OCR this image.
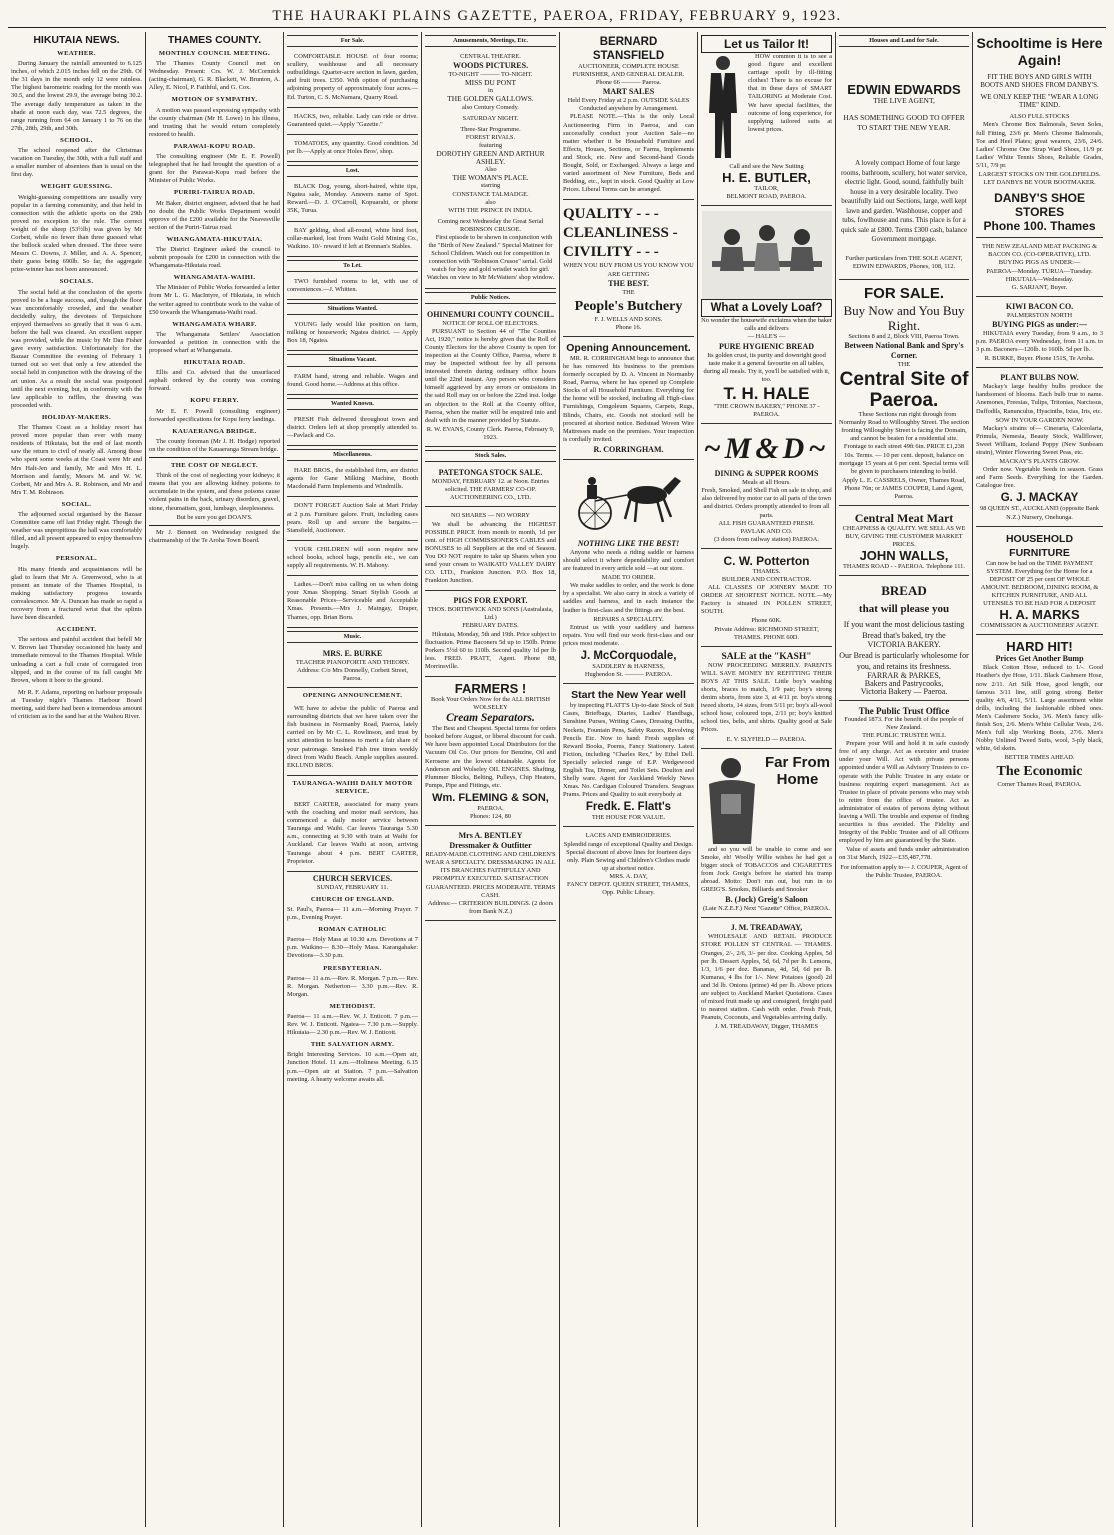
THE HAURAKI PLAINS GAZETTE, PAEROA, FRIDAY, FEBRUARY 9, 1923.
HIKUTAIA NEWS.
WEATHER.

During January the rainfall amounted to 6.125 inches, of which 2.015 inches fell on the 29th. Of the 31 days in the month only 12 were rainless. The highest barometric reading for the month was 30.5, and the lowest 29.9, the average being 30.2. The average daily temperature as taken in the shade at noon each day, was 72.5 degrees, the range running from 64 on January 1 to 76 on the 27th, 28th, 29th, and 30th.

SCHOOL.

The school reopened after the Christmas vacation on Tuesday, the 30th, with a full staff and a smaller number of absentees than is usual on the first day.

WEIGHT GUESSING.

Weight-guessing competitions are usually very popular in a farming community, and that held in connection with the athletic sports on the 29th proved no exception to the rule. The correct weight of the sheep (53½lb) was given by Mr Corbett, while no fewer than three guessed what the bullock scaled when dressed. The three were Messrs C. Downs, J. Miller, and A. A. Spencer, their guess being 690lb. So far, the aggregate prize-winner has not been announced.

SOCIALS.

The social held at the conclusion of the sports proved to be a huge success, and, though the floor was uncomfortably crowded, and the weather decidedly sultry, the devotees of Terpsichore enjoyed themselves so greatly that it was 6 a.m. before the hall was cleared. An excellent supper was provided, while the music by Mr Dan Fisher gave every satisfaction. Unfortunately for the Bazaar Committee the evening of February 1 turned out so wet that only a few attended the social held in conjunction with the drawing of the art union. As a result the social was postponed until the next evening, but, in conformity with the law applicable to raffles, the drawing was proceeded with.

HOLIDAY-MAKERS.

The Thames Coast as a holiday resort has proved more popular than ever with many residents of Hikutaia, but the end of last month saw the return to civil of nearly all. Among those who spent some weeks at the Coast were Mr and Mrs Halt-Jen and family, Mr and Mrs H. L. Morrison and family, Messrs M. and W. W. Corbett, Mr and Mrs A. R. Robinson, and Mr and Mrs T. M. Robinson.

SOCIAL.

The adjourned social organised by the Bazaar Committee came off last Friday night. Though the weather was unpropitious the hall was comfortably filled, and all present appeared to enjoy themselves hugely.

PERSONAL.

His many friends and acquaintances will be glad to learn that Mr A. Greenwood, who is at present an inmate of the Thames Hospital, is making satisfactory progress towards convalescence. Mr A. Duncan has made so rapid a recovery from a fractured wrist that the splints have been discarded.

ACCIDENT.

The serious and painful accident that befell Mr V. Brown last Thursday occasioned his hasty and immediate removal to the Thames Hospital. While unloading a cart a full crate of corrugated iron slipped, and in the course of its fall caught Mr Brown, whom it bore to the ground.

Mr R. F. Adams, reporting on harbour proposals at Tuesday night's Thames Harbour Board meeting, said there had been a tremendous amount of criticism as to the sand bar at the Waihou River.

THAMES COUNTY.
MONTHLY COUNCIL MEETING.

The Thames County Council met on Wednesday. Present: Crs. W. J. McCormick (acting-chairman), G. R. Blackett, W. Brunton, A. Alley, E. Nicol, P. Faithful, and G. Cox.

MOTION OF SYMPATHY.

A motion was passed expressing sympathy with the county chairman (Mr H. Lowe) in his illness, and trusting that he would return completely restored to health.

PARAWAI-KOPU ROAD.

The consulting engineer (Mr E. F. Powell) telegraphed that he had brought the question of a grant for the Parawai-Kopu road before the Minister of Public Works.

PURIRI-TAIRUA ROAD.

Mr Baker, district engineer, advised that he had no doubt the Public Works Department would approve of the £200 available for the Neavesville section of the Puriri-Tairua road.

WHANGAMATA-HIKUTAIA.

The District Engineer asked the council to submit proposals for £200 in connection with the Whangamata-Hikutaia road.

WHANGAMATA-WAIHI.

The Minister of Public Works forwarded a letter from Mr L. G. MacIntyre, of Hikutaia, in which the writer agreed to contribute work to the value of £50 towards the Whangamata-Waihi road.

WHANGAMATA WHARF.

The Whangamata Settlers' Association forwarded a petition in connection with the proposed wharf at Whangamata.

HIKUTAIA ROAD.

Ellis and Co. advised that the unsurfaced asphalt ordered by the county was coming forward.

KOPU FERRY.

Mr E. F. Powell (consulting engineer) forwarded specifications for Kopu ferry landings.

KAUAERANGA BRIDGE.

The county foreman (Mr J. H. Hodge) reported on the condition of the Kauaeranga Stream bridge.

THE COST OF NEGLECT.

Think of the cost of neglecting your kidneys; it means that you are allowing kidney poisons to accumulate in the system, and these poisons cause violent pains in the back, urinary disorders, gravel, stone, rheumatism, gout, lumbago, sleeplessness.

But be sure you get DOAN'S.

Mr J. Bennett on Wednesday resigned the chairmanship of the Te Aroha Town Board.

For Sale.

COMFORTABLE HOUSE of four rooms; scullery, washhouse and all necessary outbuildings. Quarter-acre section in lawn, garden, and fruit trees. £350. With option of purchasing adjoining property of approximately four acres.—Ed. Turton, C. S. McNamara, Quarry Road.

HACKS, two, reliable. Lady can ride or drive. Guaranteed quiet.—Apply "Gazette."

TOMATOES, any quantity. Good condition. 3d per lb.—Apply at once Holes Bros', shop.

Lost.

BLACK Dog, young, short-haired, white tips, Ngatea sale, Monday. Answers name of Spot. Reward.—D. J. O'Carroll, Kopuarahi, or phone 35K, Turua.

BAY gelding, shod all-round, white hind foot, collar-marked, lost from Waihi Gold Mining Co., Waikino. 10/- reward if left at Brennan's Stables.

To Let.

TWO furnished rooms to let, with use of conveniences.—J. Whitten.

Situations Wanted.

YOUNG lady would like position on farm, milking or housework; Ngatea district. — Apply Box 18, Ngatea.

Situations Vacant.

FARM hand, strong and reliable. Wages and found. Good home.—Address at this office.

Wanted Known.

FRESH Fish delivered throughout town and district. Orders left at shop promptly attended to.—Pavlack and Co.

Miscellaneous.

HARE BROS., the established firm, are district agents for Gane Milking Machine, Booth Macdonald Farm Implements and Windmills.

DON'T FORGET Auction Sale at Mart Friday at 2 p.m. Furniture galore. Fruit, including cases pears. Roll up and secure the bargains.—Stansfield, Auctioneer.

YOUR CHILDREN will soon require new school books, school bags, pencils etc., we can supply all requirements. W. H. Mahony.

Ladies.—Don't miss calling on us when doing your Xmas Shopping. Smart Stylish Goods at Reasonable Prices—Serviceable and Acceptable Xmas. Presents.—Mrs J. Maingay, Draper, Thames, opp. Brian Boru.

Music.
MRS. E. BURKE
TEACHER PIANOFORTE AND THEORY.
Address: C/o Mrs Donnelly, Corbett Street, Paeroa.
OPENING ANNOUNCEMENT.

WE have to advise the public of Paeroa and surrounding districts that we have taken over the fish business in Normanby Road, Paeroa, lately carried on by Mr C. L. Rowlinson, and trust by strict attention to business to merit a fair share of your patronage. Smoked Fish tree times weekly direct from Waihi Beach. Ample supplies assured. EKLUND BROS.

TAURANGA-WAIHI DAILY MOTOR SERVICE.

BERT CARTER, associated for many years with the coaching and motor mail services, has commenced a daily motor service between Tauranga and Waihi. Car leaves Tauranga 5.30 a.m., connecting at 9.30 with train at Waihi for Auckland. Car leaves Waihi at noon, arriving Tauranga about 4 p.m. BERT CARTER, Proprietor.

CHURCH SERVICES.
SUNDAY, FEBRUARY 11.
CHURCH OF ENGLAND.
St. Paul's, Paeroa— 11 a.m.—Morning Prayer. 7 p.m., Evening Prayer.
ROMAN CATHOLIC
Paeroa— Holy Mass at 10.30 a.m. Devotions at 7 p.m. Waikino— 8.30—Holy Mass. Karangahake: Devotions—3.30 p.m.
PRESBYTERIAN.
Paeroa— 11 a.m.—Rev. R. Morgan. 7 p.m.— Rev. R. Morgan. Netherton— 3.30 p.m.—Rev. R. Morgan.
METHODIST.
Paeroa— 11 a.m.—Rev. W. J. Enticott. 7 p.m.—Rev. W. J. Enticott. Ngatea— 7.30 p.m.—Supply. Hikutaia— 2.30 p.m.—Rev. W. J. Enticott.
THE SALVATION ARMY.
Bright Interesting Services. 10 a.m.—Open air, Junction Hotel. 11 a.m.—Holiness Meeting. 6.15 p.m.—Open air at Station. 7 p.m.—Salvation meeting. A hearty welcome awaits all.
Amusements, Meetings, Etc.
CENTRAL THEATRE.
WOODS PICTURES.
TO-NIGHT ——— TO-NIGHT.
MISS DU PONT
in
THE GOLDEN GALLOWS.
also Century Comedy.
SATURDAY NIGHT.
Three-Star Programme.
FOREST RIVALS.
featuring
DOROTHY GREEN AND ARTHUR ASHLEY.
Also
THE WOMAN'S PLACE.
starring
CONSTANCE TALMADGE.
also
WITH THE PRINCE IN INDIA.
Coming next Wednesday the Great Serial
ROBINSON CRUSOE.

First episode to be shown in conjunction with the "Birth of New Zealand." Special Matinee for School Children. Watch out for competition in connection with "Robinson Crusoe" serial. Gold watch for boy and gold wristlet watch for girl. Watches on view in Mr McWatters' shop window.

Public Notices.
OHINEMURI COUNTY COUNCIL.
NOTICE OF ROLL OF ELECTORS.

PURSUANT to Section 44 of "The Counties Act, 1920," notice is hereby given that the Roll of County Electors for the above County is open for inspection at the County Office, Paeroa, where it may be inspected without fee by all persons interested therein during ordinary office hours until the 22nd instant. Any person who considers himself aggrieved by any errors or omissions in the said Roll may on or before the 22nd inst. lodge an objection to the Roll at the County office, Paeroa, when the matter will be enquired into and dealt with in the manner provided by Statute.

R. W. EVANS, County Clerk. Paeroa, February 9, 1923.
Stock Sales.
PATETONGA STOCK SALE.
MONDAY, FEBRUARY 12. at Noon. Entries solicited. THE FARMERS' CO-OP. AUCTIONEERING CO., LTD.
NO SHARES — NO WORRY

We shall be advancing the HIGHEST POSSIBLE PRICE from month to month, 1d per cent. of HIGH COMMISSIONER'S CABLES and BONUSES to all Suppliers at the end of Season. You DO NOT require to take up Shares when you send your cream to WAIKATO VALLEY DAIRY CO. LTD., Frankton Junction. P.O. Box 18, Frankton Junction.

PIGS FOR EXPORT.
THOS. BORTHWICK AND SONS (Australasia, Ltd.)
FEBRUARY DATES.

Hikutaia, Monday, 5th and 19th. Price subject to fluctuation. Prime Baconers 5d up to 150lb. Prime Porkers 5½d 60 to 110lb. Second quality 1d per lb less. FRED. PRATT, Agent. Phone 88, Morrinsville.

FARMERS !
Book Your Orders Now for the ALL BRITISH WOLSELEY
Cream Separators.

The Best and Cheapest. Special terms for orders booked before August, or liberal discount for cash. We have been appointed Local Distributors for the Vacuum Oil Co. Our prices for Benzine, Oil and Kerosene are the lowest obtainable. Agents for Anderson and Wolseley OIL ENGINES. Shafting, Plummer Blocks, Belting, Pulleys, Chip Heaters, Pumps, Pipe and Fittings, etc.

Wm. FLEMING & SON,
PAEROA.
Phones: 124, 80
Mrs A. BENTLEY
Dressmaker & Outfitter
READY-MADE CLOTHING AND CHILDREN'S WEAR A SPECIALTY. DRESSMAKING IN ALL ITS BRANCHES FAITHFULLY AND PROMPTLY EXECUTED. SATISFACTION GUARANTEED. PRICES MODERATE. TERMS CASH.
Address:— CRITERION BUILDINGS. (2 doors from Bank N.Z.)
BERNARD STANSFIELD
AUCTIONEER, COMPLETE HOUSE FURNISHER, AND GENERAL DEALER.
Phone 66 ——— Paeroa.
MART SALES
Held Every Friday at 2 p.m. OUTSIDE SALES Conducted anywhere by Arrangement.

PLEASE NOTE.—This is the only Local Auctioneering Firm in Paeroa, and can successfully conduct your Auction Sale—no matter whether it be Household Furniture and Effects, Houses, Sections, or Farms, Implements and Stock, etc. New and Second-hand Goods Bought, Sold, or Exchanged. Always a large and varied assortment of New Furniture, Beds and Bedding, etc., kept in stock. Good Quality at Low Prices. Liberal Terms can be arranged.

QUALITY - - -
CLEANLINESS -
CIVILITY - - -
WHEN YOU BUY FROM US YOU KNOW YOU ARE GETTING
THE BEST.
THE
People's Butchery
F. J. WELLS AND SONS.
Phone 16.
Opening Announcement.

MR. R. CORRINGHAM begs to announce that he has removed his business to the premises formerly occupied by D. A. Vincent in Normanby Road, Paeroa, where he has opened up Complete Stocks of all Household Furniture. Everything for the home will be stocked, including all High-class Furnishings, Congoleum Squares, Carpets, Rugs, Blinds, Chairs, etc. Goods not stocked will be procured at shortest notice. Bedstead Woven Wire Mattresses made on the premises. Your inspection is cordially invited.

R. CORRINGHAM.
NOTHING LIKE THE BEST!

Anyone who needs a riding saddle or harness should select it where dependability and comfort are featured in every article sold —at our store.

MADE TO ORDER.

We make saddles to order, and the work is done by a specialist. We also carry in stock a variety of saddles and harness, and in each instance the leather is first-class and the fittings are the best.

REPAIRS A SPECIALITY.

Entrust us with your saddlery and harness repairs. You will find our work first-class and our prices most moderate.

J. McCorquodale,
SADDLERY & HARNESS,
Hughendon St. ——— PAEROA.
Start the New Year well

by inspecting FLATT'S Up-to-date Stock of Suit Cases, Briefbags, Diaries, Ladies' Handbags, Sunshine Purses, Writing Cases, Dressing Outfits, Neckets, Fountain Pens, Safety Razors, Revolving Pencils Etc. Now to hand: Fresh supplies of Reward Books, Poems, Fancy Stationery. Latest Fiction, including "Charles Rex," by Ethel Dell. Specially selected range of E.P. Wedgewood English Tea, Dinner, and Toilet Sets. Doulton and Shelly ware. Agent for Auckland Weekly News Xmas. No. Cardigan Coloured Transfers. Seagrass Prams. Prices and Quality to suit everybody at

Fredk. E. Flatt's
THE HOUSE FOR VALUE.
LACES AND EMBROIDERIES.
Splendid range of exceptional Quality and Design. Special discount of above lines for fourteen days only. Plain Sewing and Children's Clothes made up at shortest notice.
MRS. A. DAY,
FANCY DEPOT. QUEEN STREET, THAMES, Opp. Public Library.
Let us Tailor It!

HOW common it is to see a good figure and excellent carriage spoilt by ill-fitting clothes! There is no excuse for that in these days of SMART TAILORING at Moderate Cost. We have special facilities, the outcome of long experience, for supplying tailored suits at lowest prices.

Call and see the New Suiting
H. E. BUTLER,
TAILOR,
BELMONT ROAD, PAEROA.
What a Lovely Loaf?
No wonder the housewife exclaims when the baker calls and delivers
— HALE'S —
PURE HYGIENIC BREAD
Its golden crust, its purity and downright good taste make it a general favourite on all tables, during all meals. Try it, you'll be satisfied with it, too.
T. H. HALE
"THE CROWN BAKERY," PHONE 37 - PAEROA.
~M&D~
DINING & SUPPER ROOMS
Meals at all Hours.
Fresh, Smoked, and Shell Fish on sale in shop, and also delivered by motor car to all parts of the town and district. Orders promptly attended to from all parts.
ALL FISH GUARANTEED FRESH.
PAVLAK AND CO.
(3 doors from railway station) PAEROA.
C. W. Potterton
THAMES.
BUILDER AND CONTRACTOR.

ALL CLASSES OF JOINERY MADE TO ORDER AT SHORTEST NOTICE. NOTE.—My Factory is situated IN POLLEN STREET, SOUTH.

Phone 60K.
Private Address: RICHMOND STREET, THAMES. PHONE 60D.
SALE at the "KASH"

NOW PROCEEDING MERRILY. PARENTS WILL SAVE MONEY BY REFITTING THEIR BOYS AT THIS SALE. Little boy's washing shorts, braces to match, 1/9 pair; boy's strong denim shorts, from size 3, at 4/11 pr. boy's strong tweed shorts, 14 sizes, from 5/11 pr; boy's all-wool school hose, coloured tops, 2/11 pr; boy's knitted school ties, belts, and shirts. Quality good at Sale Prices.

E. V. SLYFIELD — PAEROA.
Far From Home

and so you will be unable to come and see Smoke, eh! Woolly Willie wishes he had got a bigger stock of TOBACCOS and CIGARETTES from Jock Greig's before he started his tramp abroad. Motto: Don't run out, but run in to GREIG'S. Smokes, Billiards and Snooker

B. (Jock) Greig's Saloon
(Late N.Z.E.F.) Next "Gazette" Office, PAEROA.
J. M. TREADAWAY,

WHOLESALE AND RETAIL PRODUCE STORE POLLEN ST CENTRAL — THAMES. Oranges, 2/-, 2/6, 3/- per doz. Cooking Apples, 5d per lb. Dessert Apples, 5d, 6d, 7d per lb. Lemons, 1/3, 1/6 per doz. Bananas, 4d, 5d, 6d per lb. Kumaras, 4 lbs for 1/-. New Potatoes (good) 2d and 3d lb. Onions (prime) 4d per lb. Above prices are subject to Auckland Market Quotations. Cases of mixed fruit made up and consigned, freight paid to nearest station. Cash with order. Fresh Fruit, Peanuts, Coconuts, and Vegetables arriving daily.

J. M. TREADAWAY, Digger, THAMES
Houses and Land for Sale.
EDWIN EDWARDS
THE LIVE AGENT,
HAS SOMETHING GOOD TO OFFER TO START THE NEW YEAR.

A lovely compact Home of four large rooms, bathroom, scullery, hot water service, electric light. Good, sound, faithfully built house in a very desirable locality. Two beautifully laid out Sections, large, well kept lawn and garden. Washhouse, copper and tubs, fowlhouse and runs. This place is for a quick sale at £800. Terms £300 cash, balance Government mortgage.

Further particulars from THE SOLE AGENT, EDWIN EDWARDS, Phones, 108, 112.
FOR SALE.
Buy Now and You Buy Right.
Sections 8 and 2, Block VIII, Paeroa Town.
Between National Bank and Spry's Corner.
THE
Central Site of Paeroa.

These Sections run right through from Normanby Road to Willoughby Street. The section fronting Willoughby Street is facing the Domain, and cannot be beaten for a residential site. Frontage to each street 49ft 6in. PRICE £1,238 10s. Terms. — 10 per cent. deposit, balance on mortgage 15 years at 6 per cent. Special terms will be given to purchasers intending to build.

Apply L. E. CASSRELS, Owner, Thames Road, Phone 76n; or JAMES COUPER, Land Agent, Paeroa.
Central Meat Mart
CHEAPNESS & QUALITY. WE SELL AS WE BUY, GIVING THE CUSTOMER MARKET PRICES.
JOHN WALLS,
THAMES ROAD - - PAEROA. Telephone 111.
BREAD
that will please you
If you want the most delicious tasting Bread that's baked, try the
VICTORIA BAKERY.
Our Bread is particularly wholesome for you, and retains its freshness.
FARRAR & PARKES,
Bakers and Pastrycooks,
Victoria Bakery — Paeroa.
The Public Trust Office
Founded 1873. For the benefit of the people of New Zealand.
THE PUBLIC TRUSTEE WILL

Prepare your Will and hold it in safe custody free of any charge. Act as executor and trustee under your Will. Act with private persons appointed under a Will as Advisory Trustees to co-operate with the Public Trustee in any estate or business requiring expert management. Act as Trustee in place of private persons who may wish to retire from the office of trustee. Act as administrator of estates of persons dying without leaving a Will. The trouble and expense of finding securities is thus avoided. The Fidelity and Integrity of the Public Trustee and of all Officers employed by him are guaranteed by the State.

Value of assets and funds under administration on 31st March, 1922—£35,487,778.

For information apply to— J. COUPER, Agent of the Public Trustee, PAEROA.
Schooltime is Here Again!
FIT THE BOYS AND GIRLS WITH BOOTS AND SHOES FROM DANBY'S.
WE ONLY KEEP THE "WEAR A LONG TIME" KIND.
ALSO FULL STOCKS

Men's Chrome Box Balmorals, Sewn Soles, full Fitting, 23/6 pr. Men's Chrome Balmorals, Toe and Heel Plates; great wearers, 23/6, 24/6. Ladies' Chrome One Strap Ward Shoes, 11/9 pr. Ladies' White Tennis Shoes, Reliable Grades, 5/11, 7/9 pr.

LARGEST STOCKS ON THE GOLDFIELDS.
LET DANBYS BE YOUR BOOTMAKER.
DANBY'S SHOE STORES
Phone 100. Thames
THE NEW ZEALAND MEAT PACKING & BACON CO. (CO-OPERATIVE), LTD.
BUYING PIGS AS UNDER:—
PAEROA—Monday. TURUA—Tuesday. HIKUTAIA—Wednesday.
G. SARJANT, Buyer.
KIWI BACON CO.
PALMERSTON NORTH
BUYING PIGS as under:—

HIKUTAIA every Tuesday, from 9 a.m., to 3 p.m. PAEROA every Wednesday, from 11 a.m. to 3 p.m. Baconers—120lb. to 160lb. 5d per lb.

R. BURKE, Buyer. Phone 151S, Te Aroha.
PLANT BULBS NOW.

Mackay's large healthy bulbs produce the handsomest of blooms. Each bulb true to name. Anemones, Freesias, Tulips, Tritonias, Narcissus, Daffodils, Ranunculus, Hyacinths, Ixias, Iris, etc.

SOW IN YOUR GARDEN NOW.

Mackay's strains of— Cineraria, Calceolaria, Primula, Nemesia, Beauty Stock, Wallflower, Sweet William, Iceland Poppy (New Sunbeam strain), Winter Flowering Sweet Peas, etc.

MACKAY'S PLANTS GROW.

Order now. Vegetable Seeds in season. Grass and Farm Seeds. Everything for the Garden. Catalogue free.

G. J. MACKAY
98 QUEEN ST., AUCKLAND (opposite Bank N.Z.) Nursery, Onehunga.
HOUSEHOLD FURNITURE
Can now be had on the TIME PAYMENT SYSTEM. Everything for the Home for a DEPOSIT OF 25 per cent OF WHOLE AMOUNT. BEDROOM, DINING ROOM, & KITCHEN FURNITURE, AND ALL UTENSILS TO BE HAD FOR A DEPOSIT
H. A. MARKS
COMMISSION & AUCTIONEERS' AGENT.
HARD HIT!
Prices Get Another Bump

Black Cotton Hose, reduced to 1/-. Good Heather's dye Hose, 1/11. Black Cashmere Hose, now 2/11. Art Silk Hose, good length, our famous 3/11 line, still going strong. Better quality 4/6, 4/11, 5/11. Large assortment white drills, including the fashionable ribbed ones. Men's Cashmere Socks, 3/6. Men's fancy silk-finish Sox, 2/6. Men's White Cellular Vests, 2/6. Men's full slip Working Boots, 27/6. Men's Nobby Unlined Tweed Suits, wool, 3-ply black, white, 6d skein.

BETTER TIMES AHEAD.
The Economic
Corner Thames Road, PAEROA.
